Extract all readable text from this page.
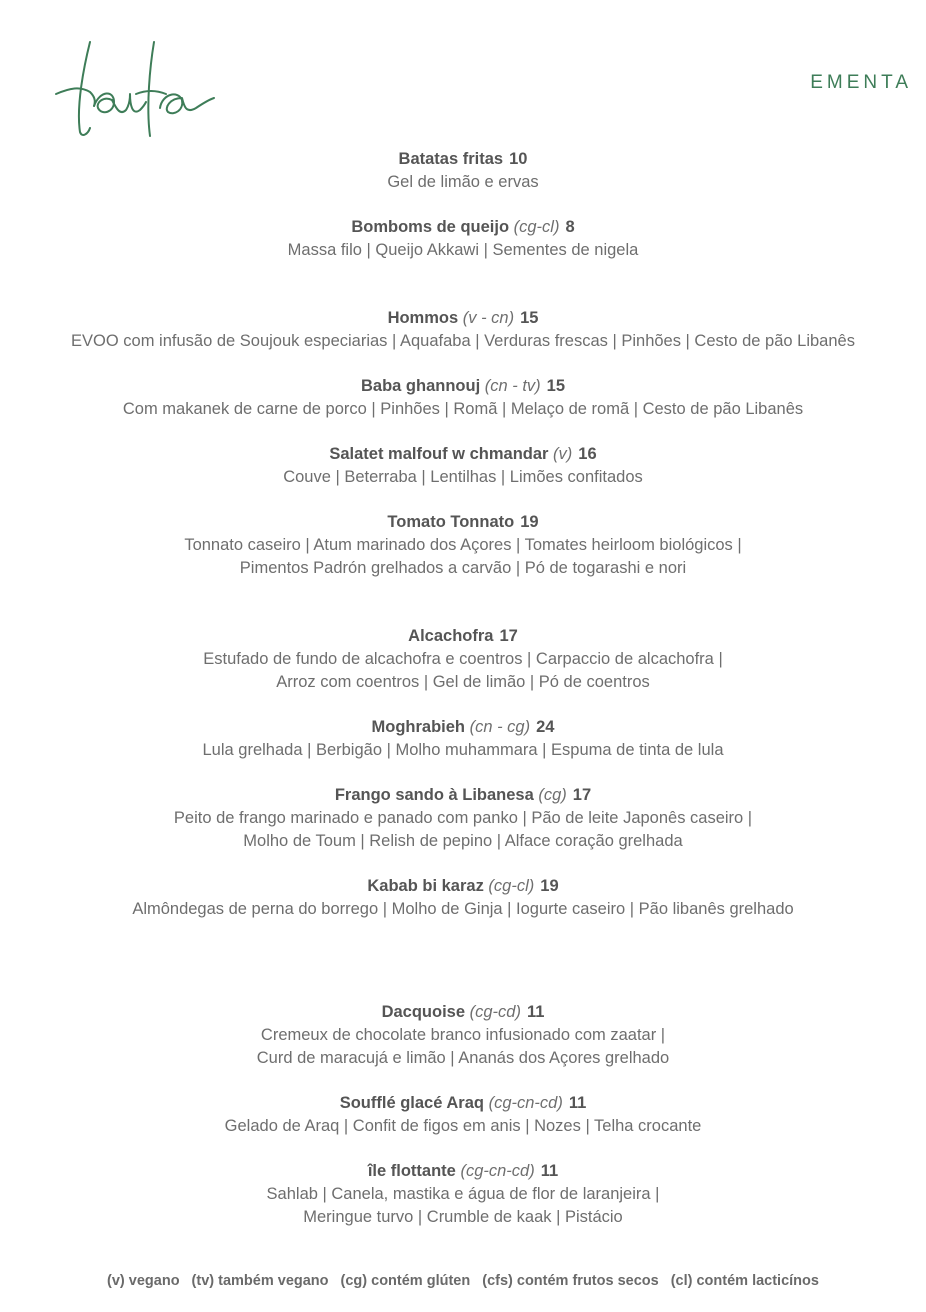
EMENTA
Batatas fritas 10
Gel de limão e ervas
Bomboms de queijo (cg-cl) 8
Massa filo | Queijo Akkawi | Sementes de nigela
Hommos (v - cn) 15
EVOO com infusão de Soujouk especiarias | Aquafaba | Verduras frescas | Pinhões | Cesto de pão Libanês
Baba ghannouj (cn - tv) 15
Com makanek de carne de porco | Pinhões | Romã | Melaço de romã | Cesto de pão Libanês
Salatet malfouf w chmandar (v) 16
Couve | Beterraba | Lentilhas | Limões confitados
Tomato Tonnato 19
Tonnato caseiro | Atum marinado dos Açores | Tomates heirloom biológicos |
Pimentos Padrón grelhados a carvão | Pó de togarashi e nori
Alcachofra 17
Estufado de fundo de alcachofra e coentros | Carpaccio de alcachofra |
Arroz com coentros | Gel de limão | Pó de coentros
Moghrabieh (cn - cg) 24
Lula grelhada | Berbigão | Molho muhammara | Espuma de tinta de lula
Frango sando à Libanesa (cg) 17
Peito de frango marinado e panado com panko | Pão de leite Japonês caseiro |
Molho de Toum | Relish de pepino | Alface coração grelhada
Kabab bi karaz (cg-cl) 19
Almôndegas de perna do borrego | Molho de Ginja | Iogurte caseiro | Pão libanês grelhado
Dacquoise (cg-cd) 11
Cremeux de chocolate branco infusionado com zaatar |
Curd de maracujá e limão | Ananás dos Açores grelhado
Soufflé glacé Araq (cg-cn-cd) 11
Gelado de Araq | Confit de figos em anis | Nozes | Telha crocante
île flottante (cg-cn-cd) 11
Sahlab | Canela, mastika e água de flor de laranjeira |
Meringue turvo | Crumble de kaak | Pistácio
(v) vegano (tv) também vegano (cg) contém glúten (cfs) contém frutos secos (cl) contém lacticínos
